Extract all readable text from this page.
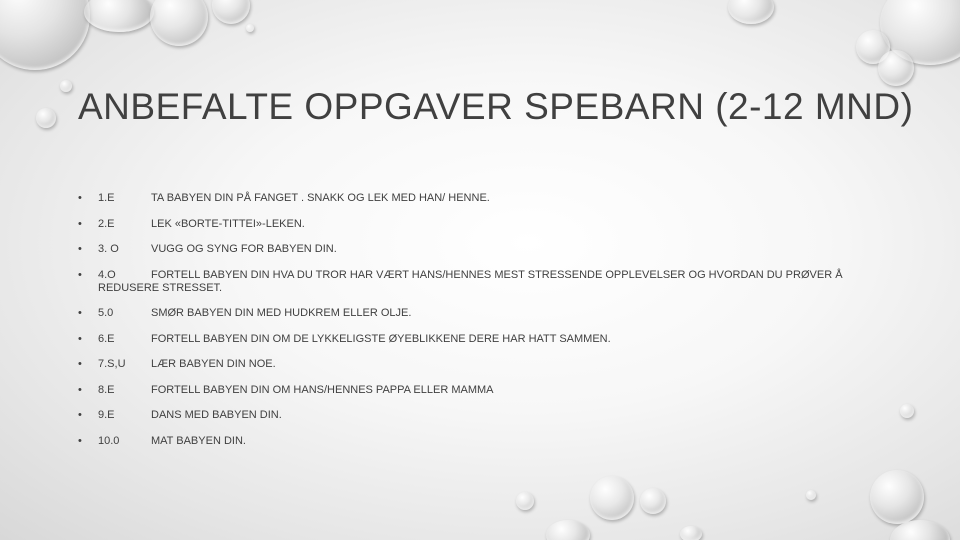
ANBEFALTE OPPGAVER SPEBARN (2-12 MND)
• 1.E	TA BABYEN DIN PÅ FANGET . SNAKK OG LEK MED HAN/ HENNE.
• 2.E	LEK «BORTE-TITTEI»-LEKEN.
• 3. O	VUGG OG SYNG FOR BABYEN DIN.
• 4.O	FORTELL BABYEN DIN HVA DU TROR HAR VÆRT HANS/HENNES MEST STRESSENDE OPPLEVELSER OG HVORDAN DU PRØVER Å REDUSERE STRESSET.
• 5.0	SMØR BABYEN DIN MED HUDKREM ELLER OLJE.
• 6.E	FORTELL BABYEN DIN OM DE LYKKELIGSTE ØYEBLIKKENE DERE HAR HATT SAMMEN.
• 7.S,U LÆR BABYEN DIN NOE.
• 8.E	FORTELL BABYEN DIN OM HANS/HENNES PAPPA ELLER MAMMA
• 9.E	DANS MED BABYEN DIN.
• 10.0	MAT BABYEN DIN.
